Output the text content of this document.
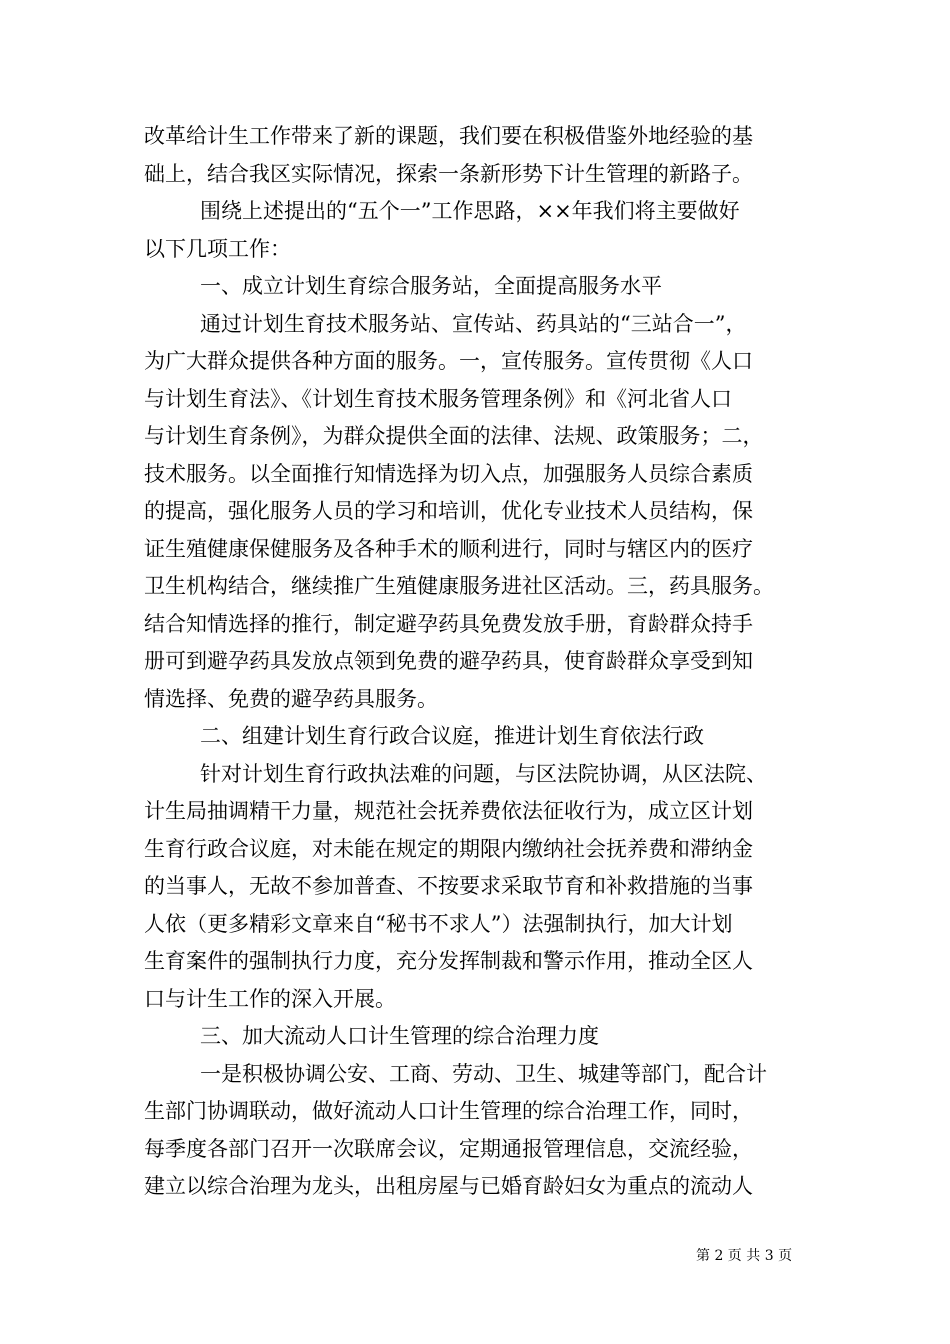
改革给计生工作带来了新的课题，我们要在积极借鉴外地经验的基
础上，结合我区实际情况，探索一条新形势下计生管理的新路子。
围绕上述提出的“五个一”工作思路，××年我们将主要做好
以下几项工作：
一、成立计划生育综合服务站，全面提高服务水平
通过计划生育技术服务站、宣传站、药具站的“三站合一”，
为广大群众提供各种方面的服务。一，宣传服务。宣传贯彻《人口
与计划生育法》、《计划生育技术服务管理条例》和《河北省人口
与计划生育条例》，为群众提供全面的法律、法规、政策服务；二，
技术服务。以全面推行知情选择为切入点，加强服务人员综合素质
的提高，强化服务人员的学习和培训，优化专业技术人员结构，保
证生殖健康保健服务及各种手术的顺利进行，同时与辖区内的医疗
卫生机构结合，继续推广生殖健康服务进社区活动。三，药具服务。
结合知情选择的推行，制定避孕药具免费发放手册，育龄群众持手
册可到避孕药具发放点领到免费的避孕药具，使育龄群众享受到知
情选择、免费的避孕药具服务。
二、组建计划生育行政合议庭，推进计划生育依法行政
针对计划生育行政执法难的问题，与区法院协调，从区法院、
计生局抽调精干力量，规范社会抚养费依法征收行为，成立区计划
生育行政合议庭，对未能在规定的期限内缴纳社会抚养费和滞纳金
的当事人，无故不参加普查、不按要求采取节育和补救措施的当事
人依（更多精彩文章来自“秘书不求人”）法强制执行，加大计划
生育案件的强制执行力度，充分发挥制裁和警示作用，推动全区人
口与计生工作的深入开展。
三、加大流动人口计生管理的综合治理力度
一是积极协调公安、工商、劳动、卫生、城建等部门，配合计
生部门协调联动，做好流动人口计生管理的综合治理工作，同时，
每季度各部门召开一次联席会议，定期通报管理信息，交流经验，
建立以综合治理为龙头，出租房屋与已婚育龄妇女为重点的流动人
第 2 页 共 3 页
